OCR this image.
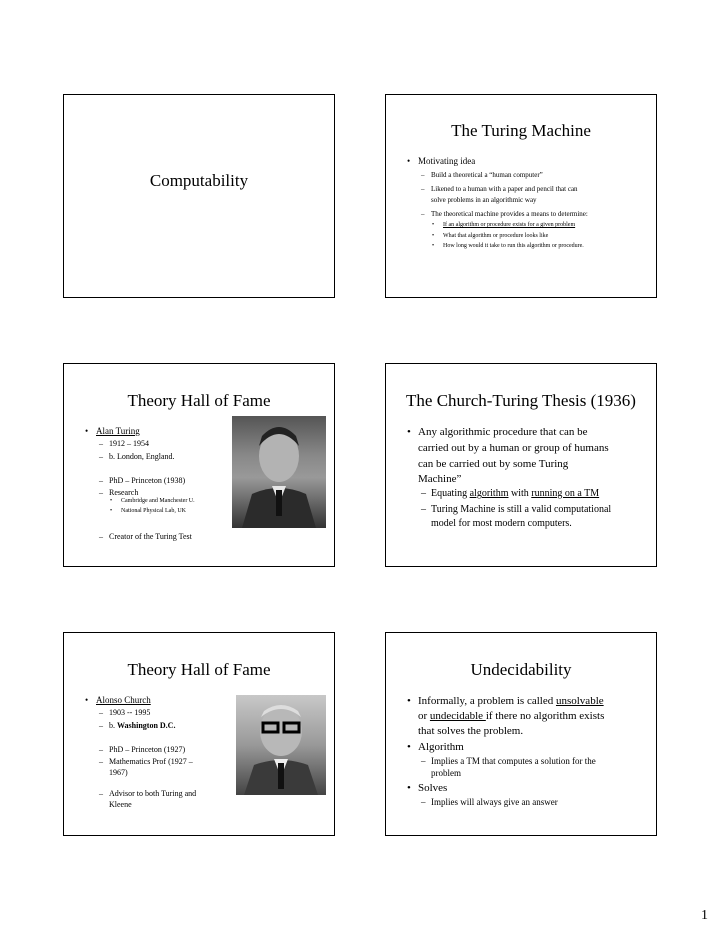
Computability
The Turing Machine
• Motivating idea
– Build a theoretical a “human computer”
– Likened to a human with a paper and pencil that can
solve problems in an algorithmic way
– The theoretical machine provides a means to determine:
• If an algorithm or procedure exists for a given problem
• What that algorithm or procedure looks like
• How long would it take to run this algorithm or procedure.
Theory Hall of Fame
• Alan Turing
– 1912 – 1954
– b. London, England.
– PhD – Princeton (1938)
– Research
• Cambridge and Manchester U.
• National Physical Lab, UK
– Creator of the Turing Test
The Church-Turing Thesis (1936)
• Any algorithmic procedure that can be
carried out by a human or group of humans
can be carried out by some Turing
Machine”
– Equating algorithm with running on a TM
– Turing Machine is still a valid computational
model for most modern computers.
Theory Hall of Fame
• Alonso Church
– 1903 -- 1995
– b. Washington D.C.
– PhD – Princeton (1927)
– Mathematics Prof (1927 –
1967)
– Advisor to both Turing and
Kleene
Undecidability
• Informally, a problem is called unsolvable
or undecidable if there no algorithm exists
that solves the problem.
• Algorithm
– Implies a TM that computes a solution for the
problem
• Solves
– Implies will always give an answer
1
